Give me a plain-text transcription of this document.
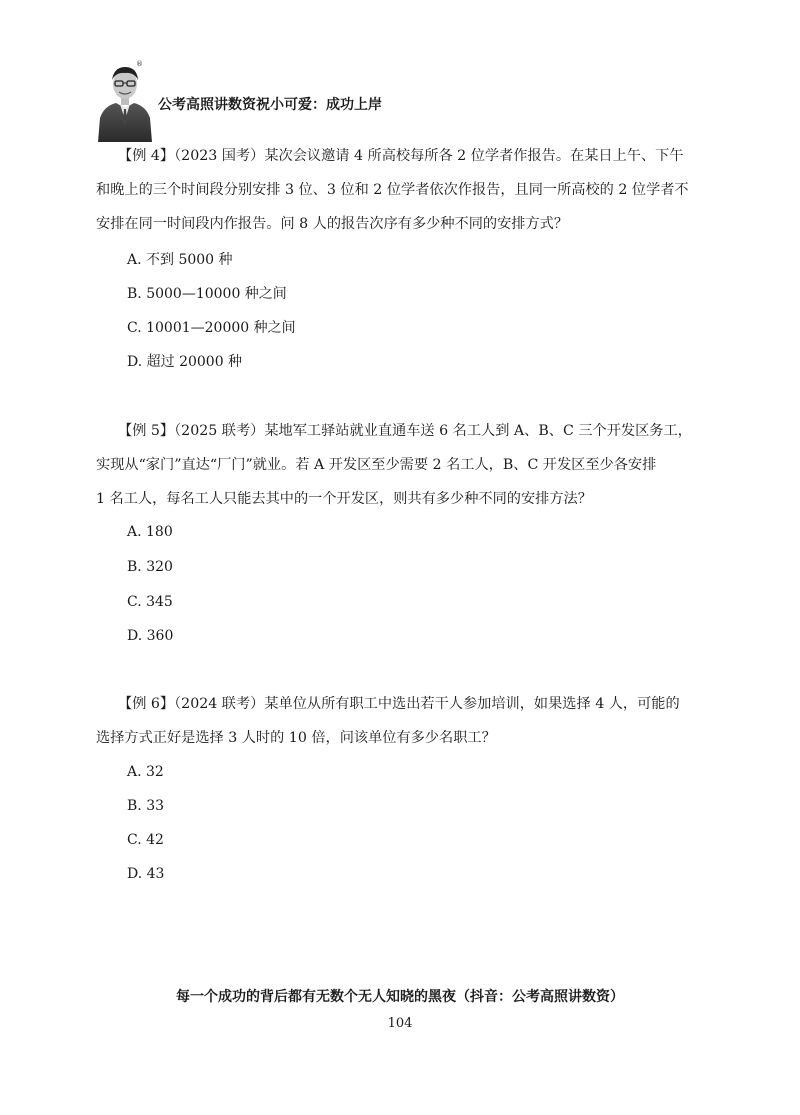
®
公考高照讲数资祝小可爱：成功上岸
【例 4】（2023 国考）某次会议邀请 4 所高校每所各 2 位学者作报告。在某日上午、下午
和晚上的三个时间段分别安排 3 位、3 位和 2 位学者依次作报告，且同一所高校的 2 位学者不
安排在同一时间段内作报告。问 8 人的报告次序有多少种不同的安排方式？
A. 不到 5000 种
B. 5000—10000 种之间
C. 10001—20000 种之间
D. 超过 20000 种
【例 5】（2025 联考）某地军工驿站就业直通车送 6 名工人到 A、B、C 三个开发区务工，
实现从“家门”直达“厂门”就业。若 A 开发区至少需要 2 名工人，B、C 开发区至少各安排
1 名工人，每名工人只能去其中的一个开发区，则共有多少种不同的安排方法？
A. 180
B. 320
C. 345
D. 360
【例 6】（2024 联考）某单位从所有职工中选出若干人参加培训，如果选择 4 人，可能的
选择方式正好是选择 3 人时的 10 倍，问该单位有多少名职工？
A. 32
B. 33
C. 42
D. 43
每一个成功的背后都有无数个无人知晓的黑夜（抖音：公考高照讲数资）
104
